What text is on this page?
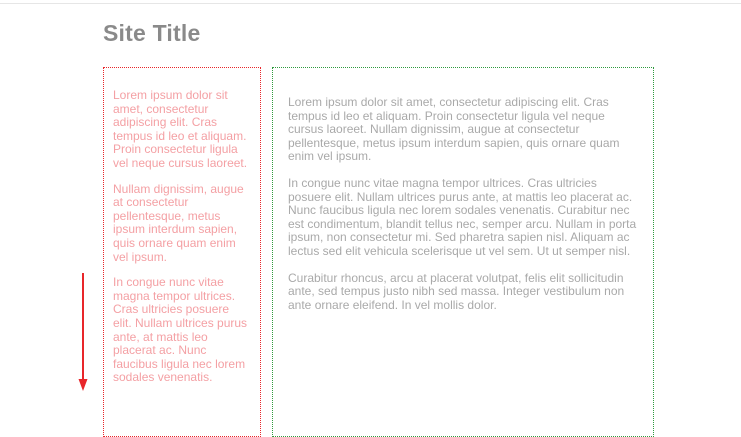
Site Title

Lorem ipsum dolor sit amet, consectetur adipiscing elit. Cras tempus id leo et aliquam. Proin consectetur ligula vel neque cursus laoreet.

Nullam dignissim, augue at consectetur pellentesque, metus ipsum interdum sapien, quis ornare quam enim vel ipsum.

In congue nunc vitae magna tempor ultrices. Cras ultricies posuere elit. Nullam ultrices purus ante, at mattis leo placerat ac. Nunc faucibus ligula nec lorem sodales venenatis.

Lorem ipsum dolor sit amet, consectetur adipiscing elit. Cras tempus id leo et aliquam. Proin consectetur ligula vel neque cursus laoreet. Nullam dignissim, augue at consectetur pellentesque, metus ipsum interdum sapien, quis ornare quam enim vel ipsum.

In congue nunc vitae magna tempor ultrices. Cras ultricies posuere elit. Nullam ultrices purus ante, at mattis leo placerat ac. Nunc faucibus ligula nec lorem sodales venenatis. Curabitur nec est condimentum, blandit tellus nec, semper arcu. Nullam in porta ipsum, non consectetur mi. Sed pharetra sapien nisl. Aliquam ac lectus sed elit vehicula scelerisque ut vel sem. Ut ut semper nisl.

Curabitur rhoncus, arcu at placerat volutpat, felis elit sollicitudin ante, sed tempus justo nibh sed massa. Integer vestibulum non ante ornare eleifend. In vel mollis dolor.
